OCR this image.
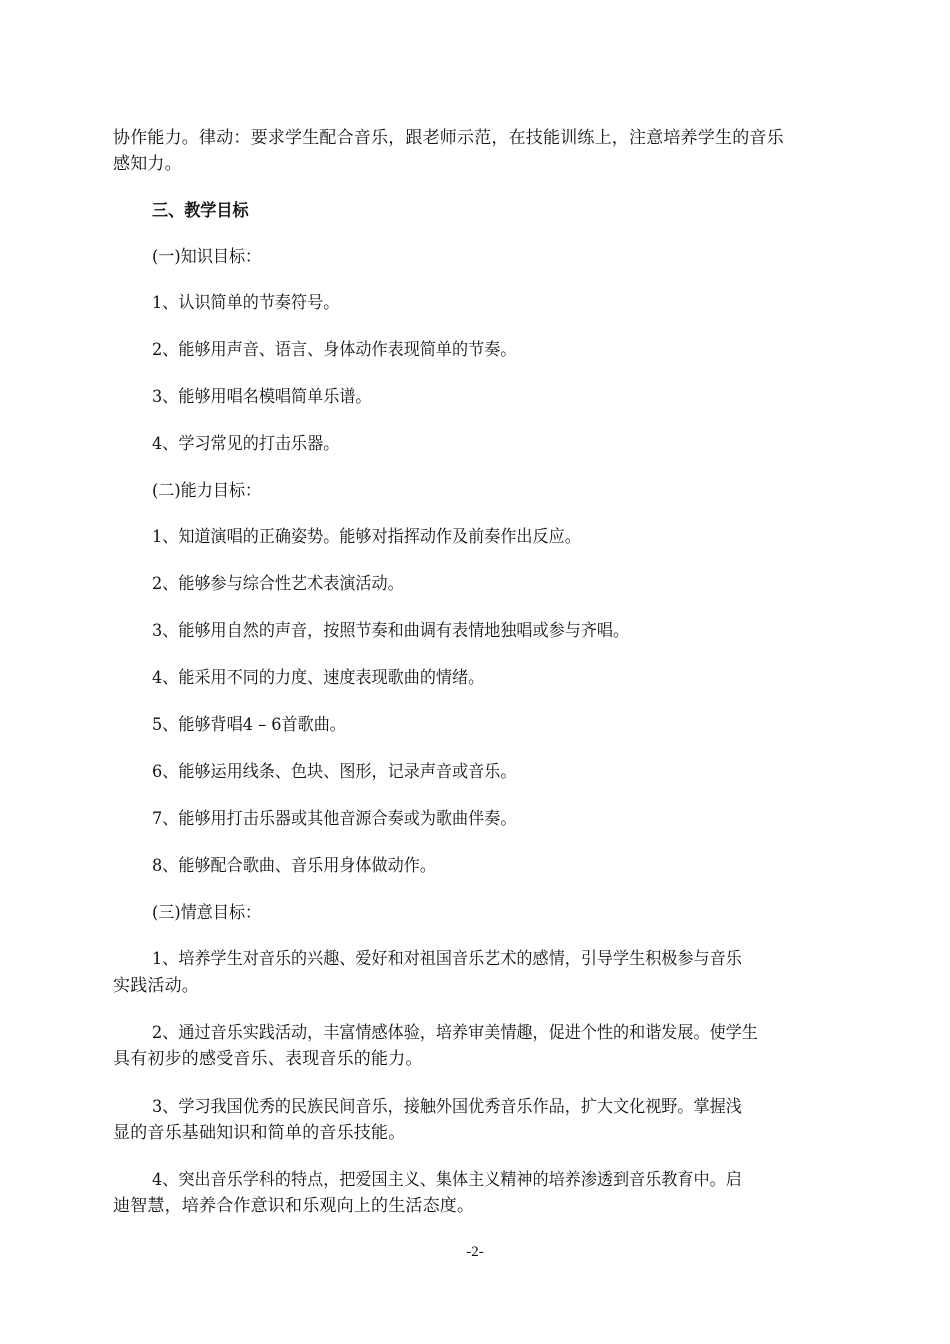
协作能力。律动：要求学生配合音乐，跟老师示范，在技能训练上，注意培养学生的音乐
感知力。
三、教学目标
(一)知识目标：
1、认识简单的节奏符号。
2、能够用声音、语言、身体动作表现简单的节奏。
3、能够用唱名模唱简单乐谱。
4、学习常见的打击乐器。
(二)能力目标：
1、知道演唱的正确姿势。能够对指挥动作及前奏作出反应。
2、能够参与综合性艺术表演活动。
3、能够用自然的声音，按照节奏和曲调有表情地独唱或参与齐唱。
4、能采用不同的力度、速度表现歌曲的情绪。
5、能够背唱4 – 6首歌曲。
6、能够运用线条、色块、图形，记录声音或音乐。
7、能够用打击乐器或其他音源合奏或为歌曲伴奏。
8、能够配合歌曲、音乐用身体做动作。
(三)情意目标：
1、培养学生对音乐的兴趣、爱好和对祖国音乐艺术的感情，引导学生积极参与音乐
实践活动。
2、通过音乐实践活动，丰富情感体验，培养审美情趣，促进个性的和谐发展。使学生
具有初步的感受音乐、表现音乐的能力。
3、学习我国优秀的民族民间音乐，接触外国优秀音乐作品，扩大文化视野。掌握浅
显的音乐基础知识和简单的音乐技能。
4、突出音乐学科的特点，把爱国主义、集体主义精神的培养渗透到音乐教育中。启
迪智慧，培养合作意识和乐观向上的生活态度。
-2-
